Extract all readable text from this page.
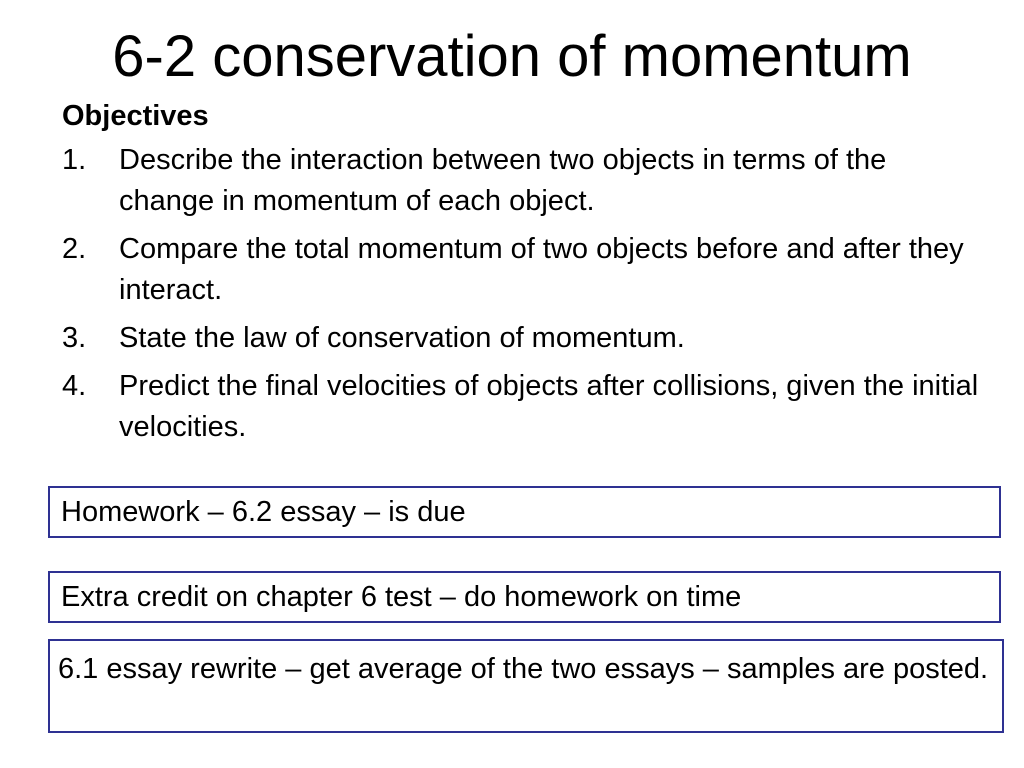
6-2 conservation of momentum
Objectives
1.	Describe the interaction between two objects in terms of the change in momentum of each object.
2.	Compare the total momentum of two objects before and after they interact.
3.	State the law of conservation of momentum.
4.	Predict the final velocities of objects after collisions, given the initial velocities.
Homework – 6.2 essay – is due
Extra credit on chapter 6 test – do homework on time
6.1 essay rewrite – get average of the two essays – samples are posted.
